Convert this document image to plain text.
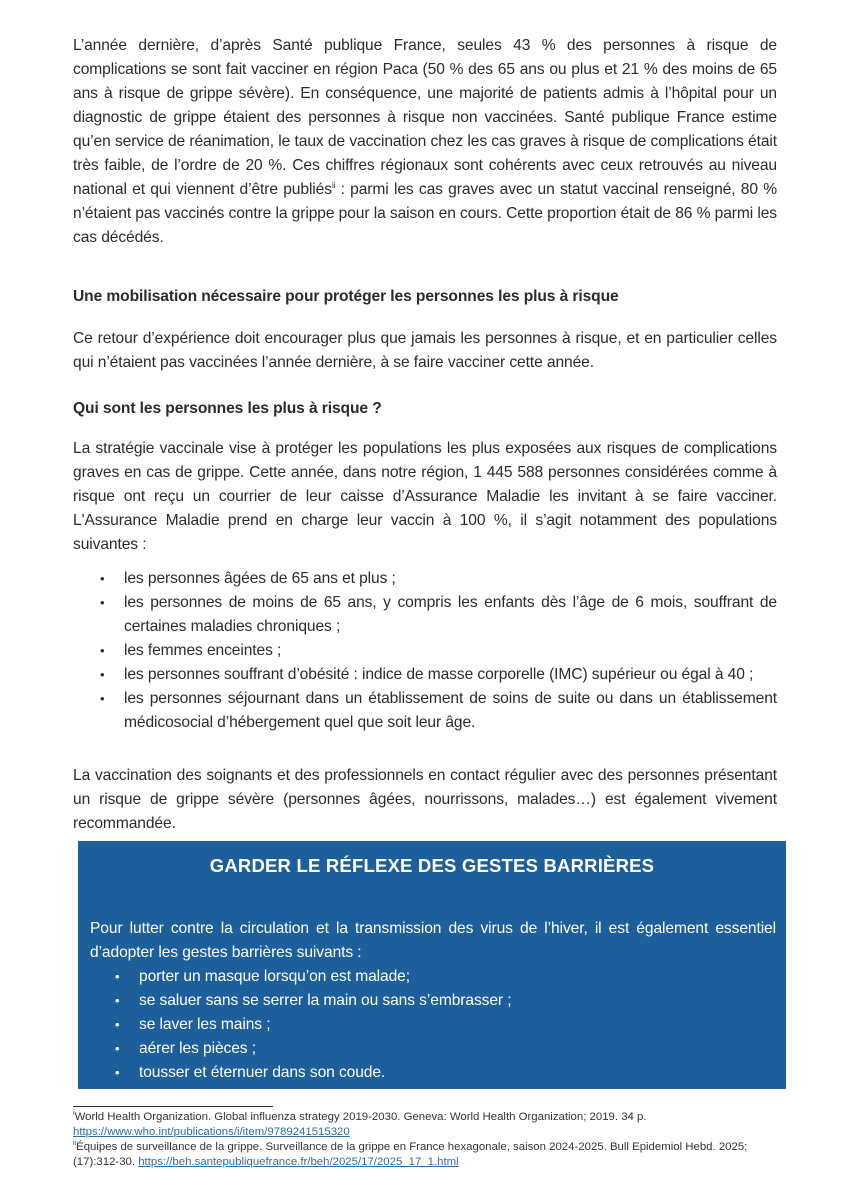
L’année dernière, d’après Santé publique France, seules 43 % des personnes à risque de complications se sont fait vacciner en région Paca (50 % des 65 ans ou plus et 21 % des moins de 65 ans à risque de grippe sévère). En conséquence, une majorité de patients admis à l’hôpital pour un diagnostic de grippe étaient des personnes à risque non vaccinées. Santé publique France estime qu’en service de réanimation, le taux de vaccination chez les cas graves à risque de complications était très faible, de l’ordre de 20 %. Ces chiffres régionaux sont cohérents avec ceux retrouvés au niveau national et qui viennent d’être publiés$^{ii}$ : parmi les cas graves avec un statut vaccinal renseigné, 80 % n’étaient pas vaccinés contre la grippe pour la saison en cours. Cette proportion était de 86 % parmi les cas décédés.

Une mobilisation nécessaire pour protéger les personnes les plus à risque

Ce retour d’expérience doit encourager plus que jamais les personnes à risque, et en particulier celles qui n’étaient pas vaccinées l’année dernière, à se faire vacciner cette année.

Qui sont les personnes les plus à risque ?

La stratégie vaccinale vise à protéger les populations les plus exposées aux risques de complications graves en cas de grippe. Cette année, dans notre région, 1 445 588 personnes considérées comme à risque ont reçu un courrier de leur caisse d’Assurance Maladie les invitant à se faire vacciner. L'Assurance Maladie prend en charge leur vaccin à 100 %, il s’agit notamment des populations suivantes :

• les personnes âgées de 65 ans et plus ;
• les personnes de moins de 65 ans, y compris les enfants dès l’âge de 6 mois, souffrant de certaines maladies chroniques ;
• les femmes enceintes ;
• les personnes souffrant d’obésité : indice de masse corporelle (IMC) supérieur ou égal à 40 ;
• les personnes séjournant dans un établissement de soins de suite ou dans un établissement médicosocial d’hébergement quel que soit leur âge.

La vaccination des soignants et des professionnels en contact régulier avec des personnes présentant un risque de grippe sévère (personnes âgées, nourrissons, malades…) est également vivement recommandée.

GARDER LE RÉFLEXE DES GESTES BARRIÈRES

Pour lutter contre la circulation et la transmission des virus de l’hiver, il est également essentiel d’adopter les gestes barrières suivants :

• porter un masque lorsqu’on est malade;
• se saluer sans se serrer la main ou sans s’embrasser ;
• se laver les mains ;
• aérer les pièces ;
• tousser et éternuer dans son coude.
$^i$World Health Organization. Global influenza strategy 2019-2030. Geneva: World Health Organization; 2019. 34 p. https://www.who.int/publications/i/item/9789241515320
$^{ii}$Équipes de surveillance de la grippe. Surveillance de la grippe en France hexagonale, saison 2024-2025. Bull Epidemiol Hebd. 2025;(17):312-30. https://beh.santepubliquefrance.fr/beh/2025/17/2025_17_1.html
